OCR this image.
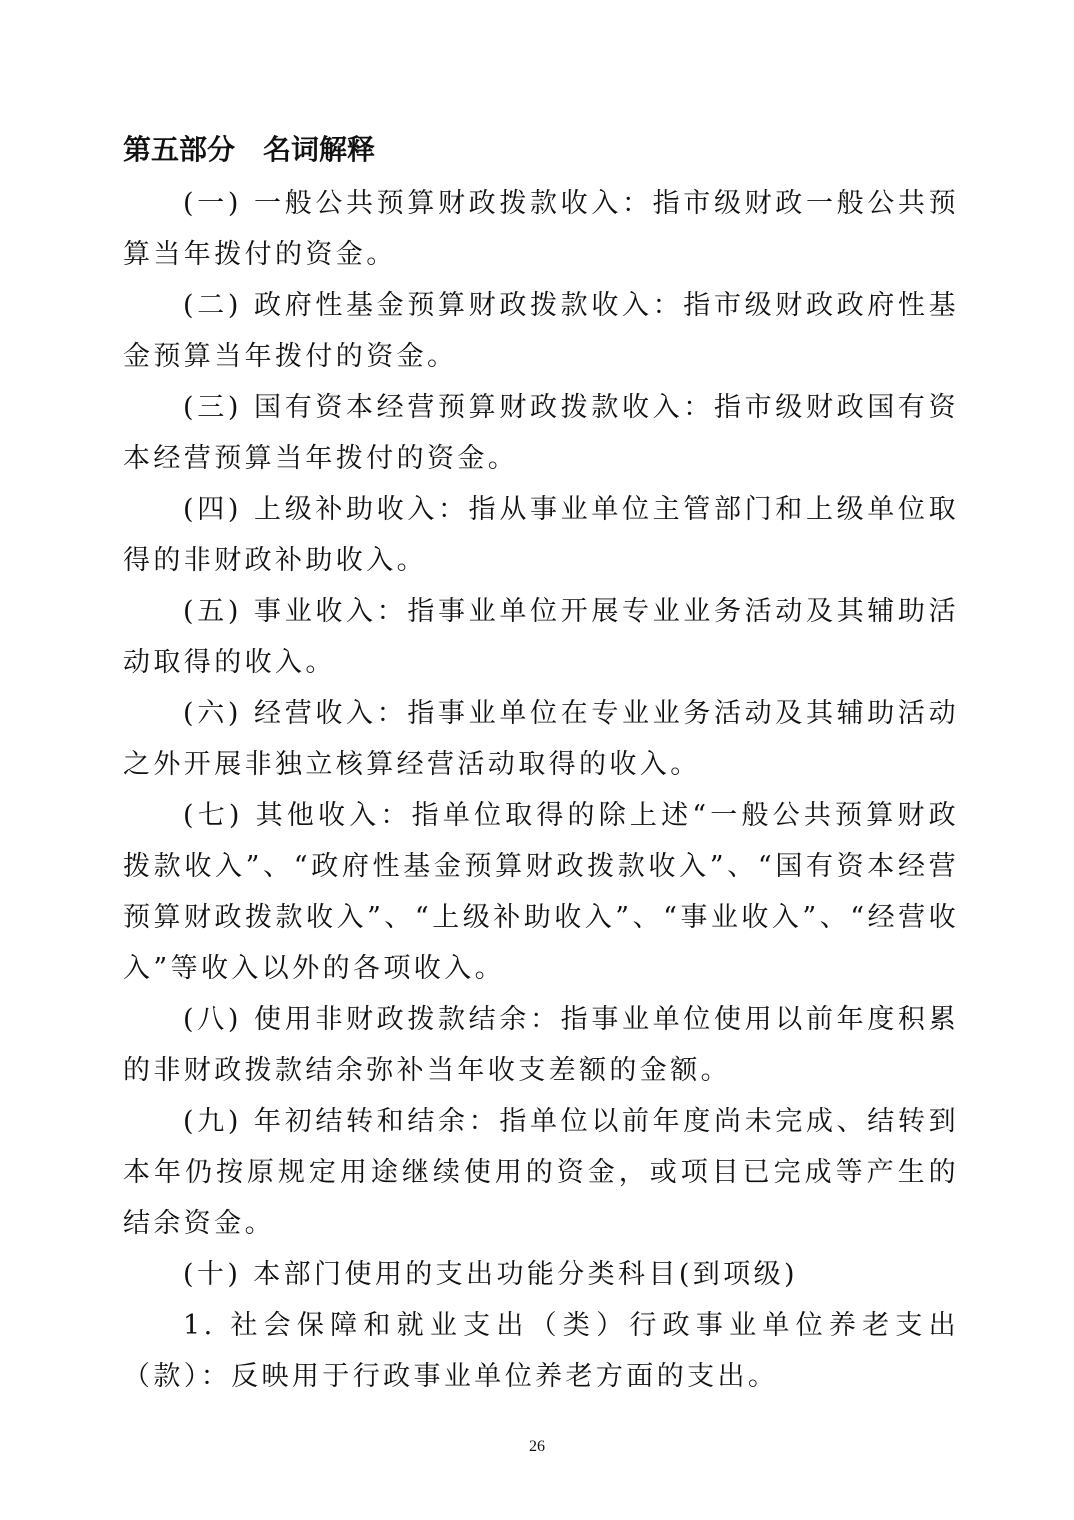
第五部分　名词解释

(一) 一般公共预算财政拨款收入：指市级财政一般公共预算当年拨付的资金。

(二) 政府性基金预算财政拨款收入：指市级财政政府性基金预算当年拨付的资金。

(三) 国有资本经营预算财政拨款收入：指市级财政国有资本经营预算当年拨付的资金。

(四) 上级补助收入：指从事业单位主管部门和上级单位取得的非财政补助收入。

(五) 事业收入：指事业单位开展专业业务活动及其辅助活动取得的收入。

(六) 经营收入：指事业单位在专业业务活动及其辅助活动之外开展非独立核算经营活动取得的收入。

(七) 其他收入：指单位取得的除上述“一般公共预算财政拨款收入”、“政府性基金预算财政拨款收入”、“国有资本经营预算财政拨款收入”、“上级补助收入”、“事业收入”、“经营收入”等收入以外的各项收入。

(八) 使用非财政拨款结余：指事业单位使用以前年度积累的非财政拨款结余弥补当年收支差额的金额。

(九) 年初结转和结余：指单位以前年度尚未完成、结转到本年仍按原规定用途继续使用的资金，或项目已完成等产生的结余资金。

(十) 本部门使用的支出功能分类科目(到项级)

1. 社会保障和就业支出（类）行政事业单位养老支出（款）：反映用于行政事业单位养老方面的支出。

26
